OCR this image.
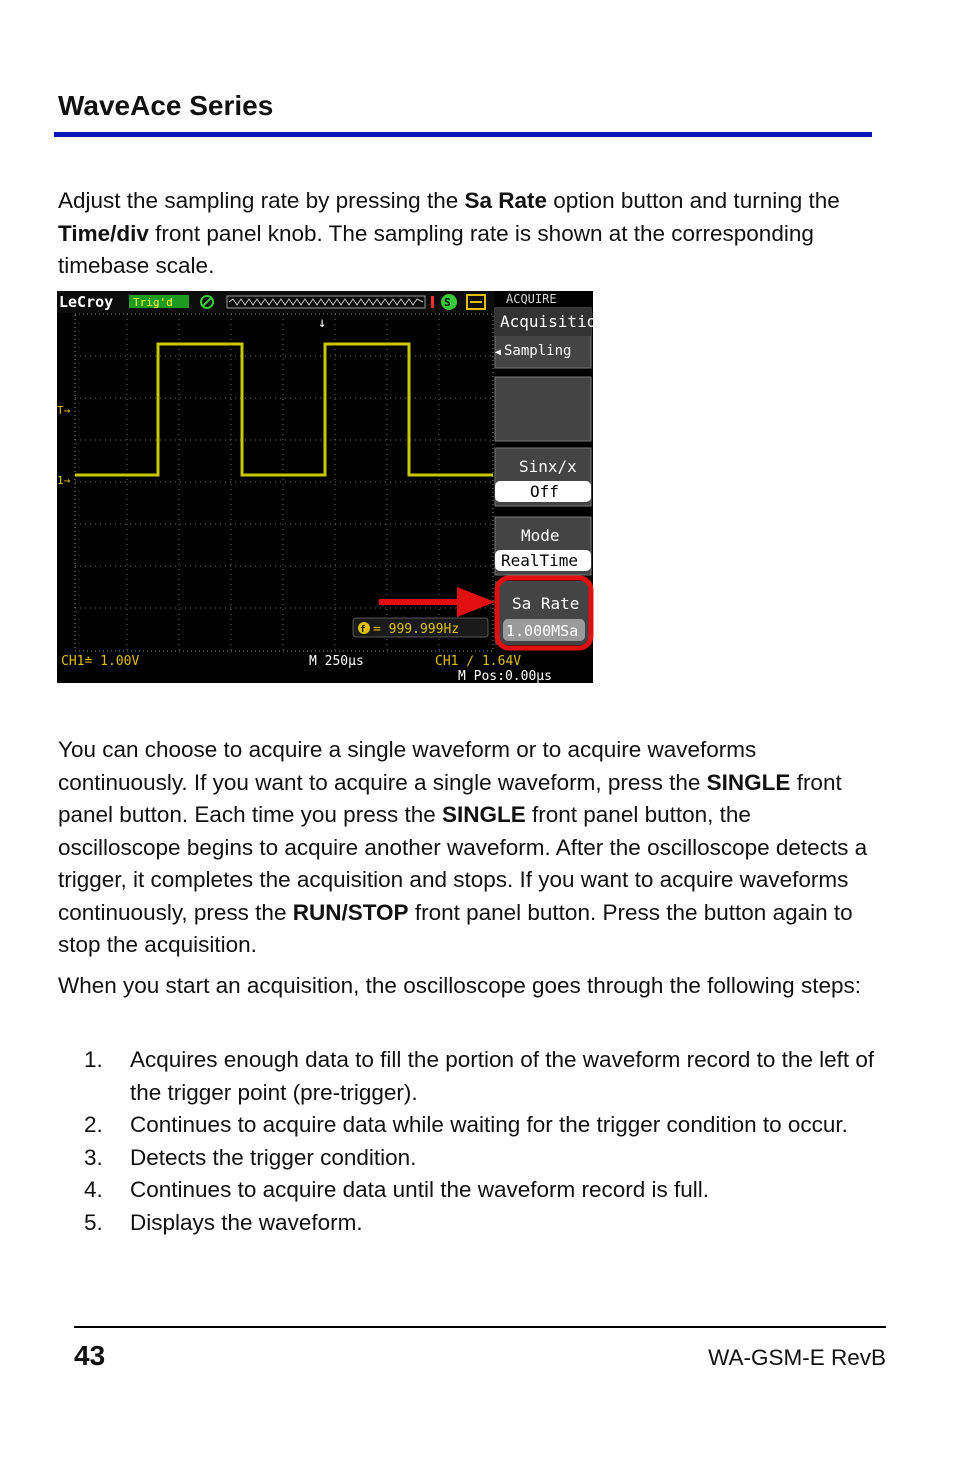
WaveAce Series

Adjust the sampling rate by pressing the Sa Rate option button and turning the Time/div front panel knob. The sampling rate is shown at the corresponding timebase scale.

LeCroy Trig'd	S	ACQUIRE
↓
T→
1→
f = 999.999Hz
CH1≐ 1.00V	M 250μs	CH1 ∕ 1.64V
M Pos:0.00μs
Acquisition
◀ Sampling
Sinx/x
Off
Mode
RealTime
Sa Rate
1.000MSa

You can choose to acquire a single waveform or to acquire waveforms continuously. If you want to acquire a single waveform, press the SINGLE front panel button. Each time you press the SINGLE front panel button, the oscilloscope begins to acquire another waveform. After the oscilloscope detects a trigger, it completes the acquisition and stops. If you want to acquire waveforms continuously, press the RUN/STOP front panel button. Press the button again to stop the acquisition.

When you start an acquisition, the oscilloscope goes through the following steps:

1. Acquires enough data to fill the portion of the waveform record to the left of the trigger point (pre-trigger).
2. Continues to acquire data while waiting for the trigger condition to occur.
3. Detects the trigger condition.
4. Continues to acquire data until the waveform record is full.
5. Displays the waveform.
43	WA-GSM-E RevB
